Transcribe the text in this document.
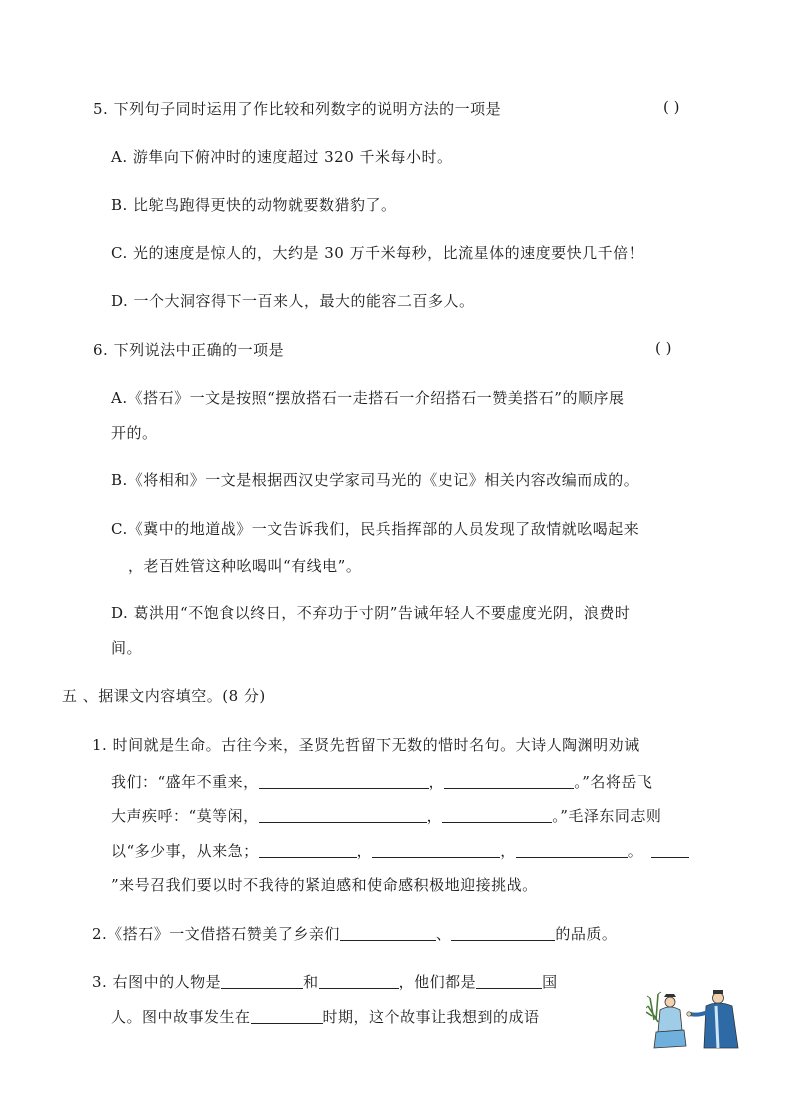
5. 下列句子同时运用了作比较和列数字的说明方法的一项是	( )
A. 游隼向下俯冲时的速度超过 320 千米每小时。
B. 比鸵鸟跑得更快的动物就要数猎豹了。
C. 光的速度是惊人的，大约是 30 万千米每秒，比流星体的速度要快几千倍！
D. 一个大洞容得下一百来人，最大的能容二百多人。
6. 下列说法中正确的一项是	( )
A.《搭石》一文是按照“摆放搭石一走搭石一介绍搭石一赞美搭石”的顺序展
开的。
B.《将相和》一文是根据西汉史学家司马光的《史记》相关内容改编而成的。
C.《冀中的地道战》一文告诉我们，民兵指挥部的人员发现了敌情就吆喝起来
，老百姓管这种吆喝叫“有线电”。
D. 葛洪用“不饱食以终日，不弃功于寸阴”告诫年轻人不要虚度光阴，浪费时
间。
五 、据课文内容填空。(8 分)
1. 时间就是生命。古往今来，圣贤先哲留下无数的惜时名句。大诗人陶渊明劝诫
我们：“盛年不重来，	，	。”名将岳飞
大声疾呼：“莫等闲，	，	。”毛泽东同志则
以“多少事，从来急；	，	，	。
”来号召我们要以时不我待的紧迫感和使命感积极地迎接挑战。
2.《搭石》一文借搭石赞美了乡亲们	、	的品质。
3. 右图中的人物是	和	，他们都是	国
人。图中故事发生在	时期，这个故事让我想到的成语
